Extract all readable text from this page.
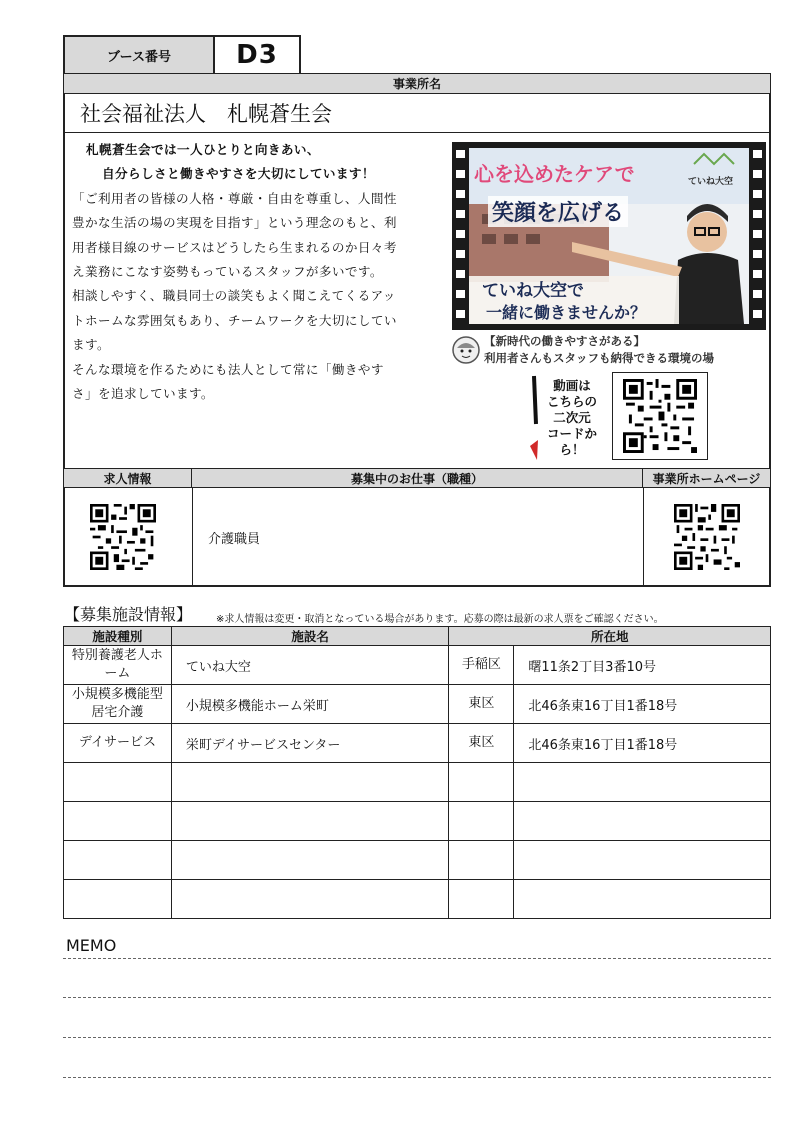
ブース番号	D3
事業所名
社会福祉法人　札幌蒼生会

札幌蒼生会では一人ひとりと向きあい、

自分らしさと働きやすさを大切にしています！

「ご利用者の皆様の人格・尊厳・自由を尊重し、人間性

豊かな生活の場の実現を目指す」という理念のもと、利

用者様目線のサービスはどうしたら生まれるのか日々考

え業務にこなす姿勢もっているスタッフが多いです。

相談しやすく、職員同士の談笑もよく聞こえてくるアッ

トホームな雰囲気もあり、チームワークを大切にしてい

ます。

そんな環境を作るためにも法人として常に「働きやす

さ」を追求しています。

心を込めたケアで
笑顔を広げる
ていね大空
ていね大空で
一緒に働きませんか？
【新時代の働きやすさがある】
利用者さんもスタッフも納得できる環境の場
動画は
こちらの
二次元
コードから！
求人情報	募集中のお仕事（職種）	事業所ホームページ
介護職員
【募集施設情報】 ※求人情報は変更・取消となっている場合があります。応募の際は最新の求人票をご確認ください。
施設種別	施設名	所在地	
特別養護老人ホーム	ていね大空	手稲区	曙11条2丁目3番10号
小規模多機能型居宅介護	小規模多機能ホーム栄町	東区	北46条東16丁目1番18号
デイサービス	栄町デイサービスセンター	東区	北46条東16丁目1番18号

MEMO
